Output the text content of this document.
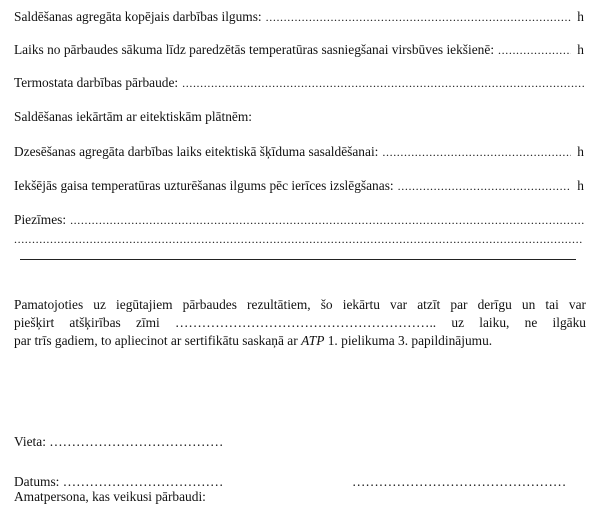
Saldēšanas agregāta kopējais darbības ilgums: .....	h
Laiks no pārbaudes sākuma līdz paredzētās temperatūras sasniegšanai virsbūves iekšienē: .....	h
Termostata darbības pārbaude:
.....
Saldēšanas iekārtām ar eitektiskām plātnēm:
Dzesēšanas agregāta darbības laiks eitektiskā šķīduma sasaldēšanai: .....	h
Iekšējās gaisa temperatūras uzturēšanas ilgums pēc ierīces izslēgšanas: .....	h
Piezīmes:
.....
.....
Pamatojoties uz iegūtajiem pārbaudes rezultātiem, šo iekārtu var atzīt par derīgu un tai var
piešķirt atšķirības zīmi ………………………………………………….. uz laiku, ne ilgāku
par trīs gadiem, to apliecinot ar sertifikātu saskaņā ar ATP 1. pielikuma 3. papildinājumu.
Vieta: …………………………………
Datums: ………………………………	…………………………………………
Amatpersona, kas veikusi pārbaudi:
